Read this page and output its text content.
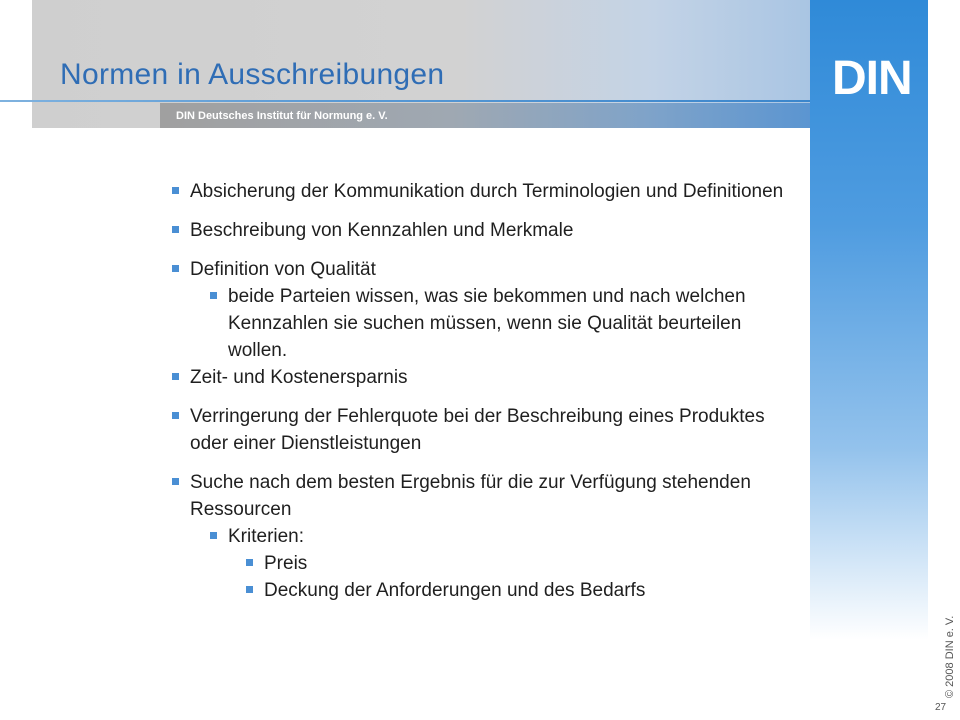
Normen in Ausschreibungen
DIN Deutsches Institut für Normung e. V.
DIN
Absicherung der Kommunikation durch Terminologien und Definitionen
Beschreibung von Kennzahlen und Merkmale
Definition von Qualität
beide Parteien wissen, was sie bekommen und nach welchen Kennzahlen sie suchen müssen, wenn sie Qualität beurteilen wollen.
Zeit- und Kostenersparnis
Verringerung der Fehlerquote bei der Beschreibung eines Produktes oder einer Dienstleistungen
Suche nach dem besten Ergebnis für die zur Verfügung stehenden Ressourcen
Kriterien:
Preis
Deckung der Anforderungen und des Bedarfs
© 2008 DIN e. V.
27
